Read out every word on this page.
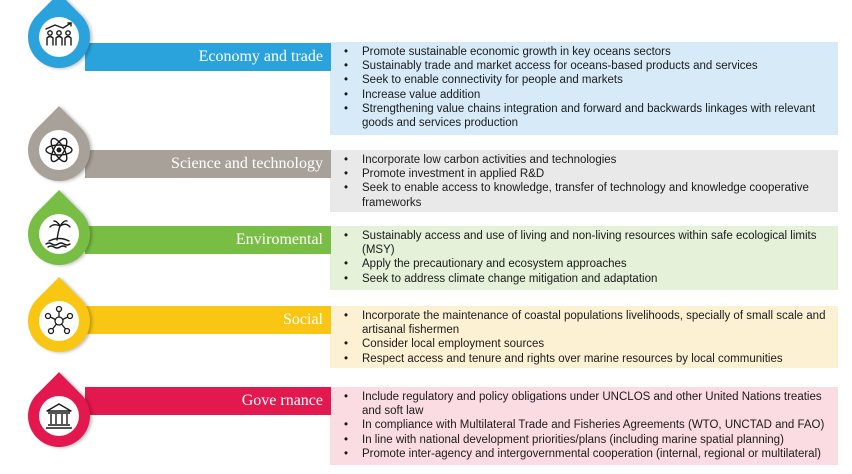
• Promote sustainable economic growth in key oceans sectors
• Sustainably trade and market access for oceans-based products and services
• Seek to enable connectivity for people and markets
• Increase value addition
• Strengthening value chains integration and forward and backwards linkages with relevant goods and services production
Economy and trade
• Incorporate low carbon activities and technologies
• Promote investment in applied R&D
• Seek to enable access to knowledge, transfer of technology and knowledge cooperative frameworks
Science and technology
• Sustainably access and use of living and non-living resources within safe ecological limits (MSY)
• Apply the precautionary and ecosystem approaches
• Seek to address climate change mitigation and adaptation
Enviromental
• Incorporate the maintenance of coastal populations livelihoods, specially of small scale and artisanal fishermen
• Consider local employment sources
• Respect access and tenure and rights over marine resources by local communities
Social
• Include regulatory and policy obligations under UNCLOS and other United Nations treaties and soft law
• In compliance with Multilateral Trade and Fisheries Agreements (WTO, UNCTAD and FAO)
• In line with national development priorities/plans (including marine spatial planning)
• Promote inter-agency and intergovernmental cooperation (internal, regional or multilateral)
Gove rnance
